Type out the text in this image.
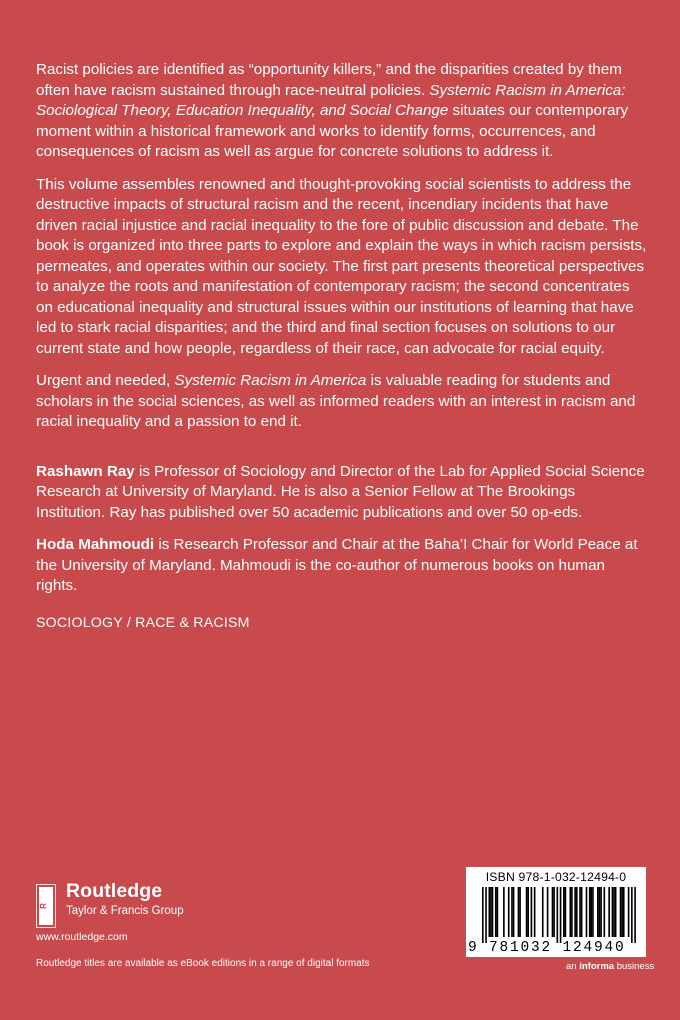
Racist policies are identified as “opportunity killers,” and the disparities created by them often have racism sustained through race-neutral policies. Systemic Racism in America: Sociological Theory, Education Inequality, and Social Change situates our contemporary moment within a historical framework and works to identify forms, occurrences, and consequences of racism as well as argue for concrete solutions to address it.

This volume assembles renowned and thought-provoking social scientists to address the destructive impacts of structural racism and the recent, incendiary incidents that have driven racial injustice and racial inequality to the fore of public discussion and debate. The book is organized into three parts to explore and explain the ways in which racism persists, permeates, and operates within our society. The first part presents theoretical perspectives to analyze the roots and manifestation of contemporary racism; the second concentrates on educational inequality and structural issues within our institutions of learning that have led to stark racial disparities; and the third and final section focuses on solutions to our current state and how people, regardless of their race, can advocate for racial equity.

Urgent and needed, Systemic Racism in America is valuable reading for students and scholars in the social sciences, as well as informed readers with an interest in racism and racial inequality and a passion to end it.

Rashawn Ray is Professor of Sociology and Director of the Lab for Applied Social Science Research at University of Maryland. He is also a Senior Fellow at The Brookings Institution. Ray has published over 50 academic publications and over 50 op-eds.

Hoda Mahmoudi is Research Professor and Chair at the Baha’I Chair for World Peace at the University of Maryland. Mahmoudi is the co-author of numerous books on human rights.

SOCIOLOGY / RACE & RACISM
R
Routledge
Taylor & Francis Group
www.routledge.com
Routledge titles are available as eBook editions in a range of digital formats
ISBN 978-1-032-12494-0
9 781032 124940
an informa business
